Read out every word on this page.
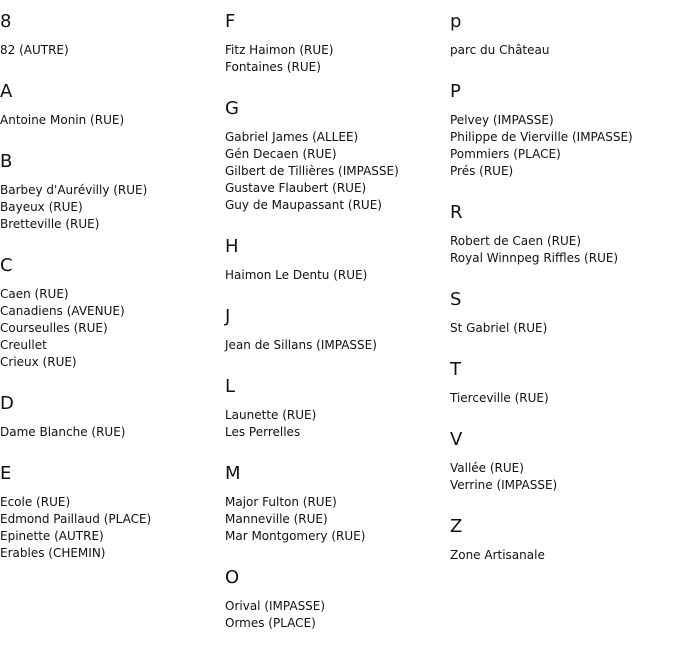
8
82 (AUTRE)
A
Antoine Monin (RUE)
B
Barbey d'Aurévilly (RUE)
Bayeux (RUE)
Bretteville (RUE)
C
Caen (RUE)
Canadiens (AVENUE)
Courseulles (RUE)
Creullet
Crieux (RUE)
D
Dame Blanche (RUE)
E
Ecole (RUE)
Edmond Paillaud (PLACE)
Epinette (AUTRE)
Erables (CHEMIN)
F
Fitz Haimon (RUE)
Fontaines (RUE)
G
Gabriel James (ALLEE)
Gén Decaen (RUE)
Gilbert de Tillières (IMPASSE)
Gustave Flaubert (RUE)
Guy de Maupassant (RUE)
H
Haimon Le Dentu (RUE)
J
Jean de Sillans (IMPASSE)
L
Launette (RUE)
Les Perrelles
M
Major Fulton (RUE)
Manneville (RUE)
Mar Montgomery (RUE)
O
Orival (IMPASSE)
Ormes (PLACE)
p
parc du Château
P
Pelvey (IMPASSE)
Philippe de Vierville (IMPASSE)
Pommiers (PLACE)
Prés (RUE)
R
Robert de Caen (RUE)
Royal Winnpeg Riffles (RUE)
S
St Gabriel (RUE)
T
Tierceville (RUE)
V
Vallée (RUE)
Verrine (IMPASSE)
Z
Zone Artisanale
